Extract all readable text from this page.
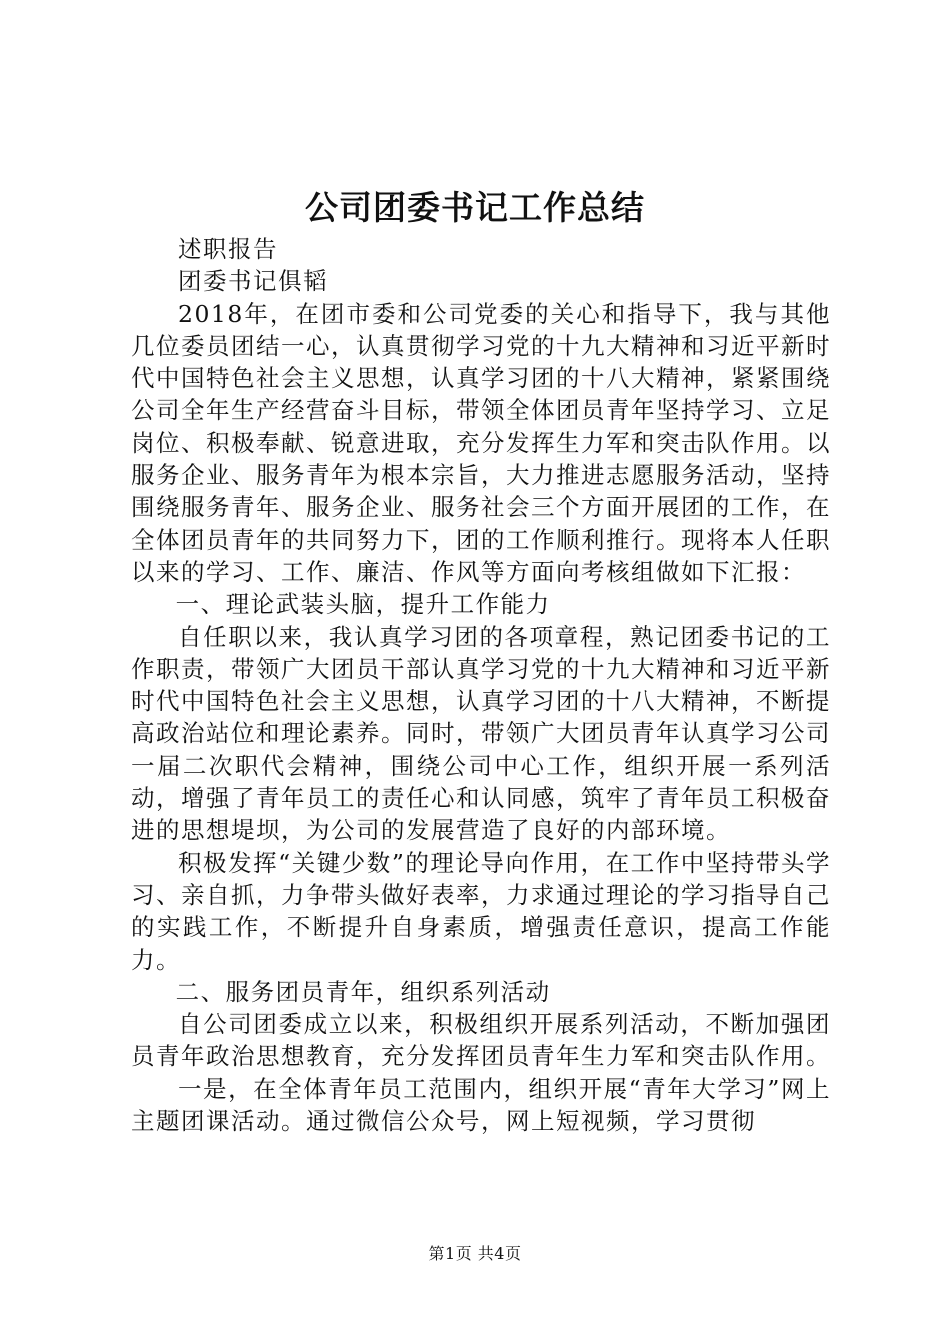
公司团委书记工作总结

述职报告

团委书记俱韬

2018年，在团市委和公司党委的关心和指导下，我与其他几位委员团结一心，认真贯彻学习党的十九大精神和习近平新时代中国特色社会主义思想，认真学习团的十八大精神，紧紧围绕公司全年生产经营奋斗目标，带领全体团员青年坚持学习、立足岗位、积极奉献、锐意进取，充分发挥生力军和突击队作用。以服务企业、服务青年为根本宗旨，大力推进志愿服务活动，坚持围绕服务青年、服务企业、服务社会三个方面开展团的工作，在全体团员青年的共同努力下，团的工作顺利推行。现将本人任职以来的学习、工作、廉洁、作风等方面向考核组做如下汇报：

一、理论武装头脑，提升工作能力

自任职以来，我认真学习团的各项章程，熟记团委书记的工作职责，带领广大团员干部认真学习党的十九大精神和习近平新时代中国特色社会主义思想，认真学习团的十八大精神，不断提高政治站位和理论素养。同时，带领广大团员青年认真学习公司一届二次职代会精神，围绕公司中心工作，组织开展一系列活动，增强了青年员工的责任心和认同感，筑牢了青年员工积极奋进的思想堤坝，为公司的发展营造了良好的内部环境。

积极发挥“关键少数”的理论导向作用，在工作中坚持带头学习、亲自抓，力争带头做好表率，力求通过理论的学习指导自己的实践工作，不断提升自身素质，增强责任意识，提高工作能力。

二、服务团员青年，组织系列活动

自公司团委成立以来，积极组织开展系列活动，不断加强团员青年政治思想教育，充分发挥团员青年生力军和突击队作用。

一是，在全体青年员工范围内，组织开展“青年大学习”网上主题团课活动。通过微信公众号，网上短视频，学习贯彻

第1页 共4页
